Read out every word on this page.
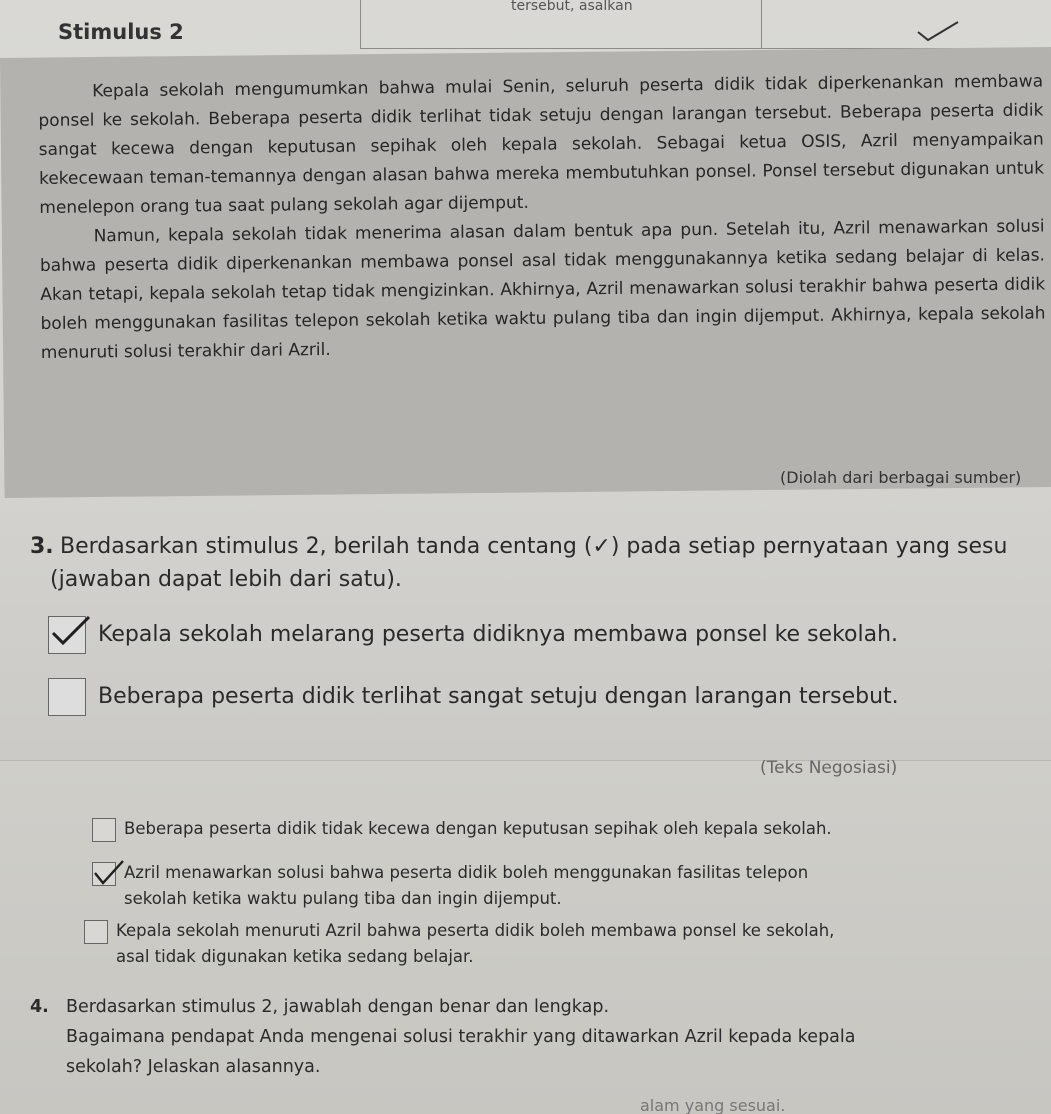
tersebut, asalkan
Stimulus 2

Kepala sekolah mengumumkan bahwa mulai Senin, seluruh peserta didik tidak diperkenankan membawa ponsel ke sekolah. Beberapa peserta didik terlihat tidak setuju dengan larangan tersebut. Beberapa peserta didik sangat kecewa dengan keputusan sepihak oleh kepala sekolah. Sebagai ketua OSIS, Azril menyampaikan kekecewaan teman-temannya dengan alasan bahwa mereka membutuhkan ponsel. Ponsel tersebut digunakan untuk menelepon orang tua saat pulang sekolah agar dijemput.

Namun, kepala sekolah tidak menerima alasan dalam bentuk apa pun. Setelah itu, Azril menawarkan solusi bahwa peserta didik diperkenankan membawa ponsel asal tidak menggunakannya ketika sedang belajar di kelas. Akan tetapi, kepala sekolah tetap tidak mengizinkan. Akhirnya, Azril menawarkan solusi terakhir bahwa peserta didik boleh menggunakan fasilitas telepon sekolah ketika waktu pulang tiba dan ingin dijemput. Akhirnya, kepala sekolah menuruti solusi terakhir dari Azril.

(Diolah dari berbagai sumber)
3. Berdasarkan stimulus 2, berilah tanda centang (✓) pada setiap pernyataan yang sesu
(jawaban dapat lebih dari satu).
Kepala sekolah melarang peserta didiknya membawa ponsel ke sekolah.
Beberapa peserta didik terlihat sangat setuju dengan larangan tersebut.
(Teks Negosiasi)
Beberapa peserta didik tidak kecewa dengan keputusan sepihak oleh kepala sekolah.
Azril menawarkan solusi bahwa peserta didik boleh menggunakan fasilitas telepon
sekolah ketika waktu pulang tiba dan ingin dijemput.
Kepala sekolah menuruti Azril bahwa peserta didik boleh membawa ponsel ke sekolah,
asal tidak digunakan ketika sedang belajar.
4. Berdasarkan stimulus 2, jawablah dengan benar dan lengkap.
Bagaimana pendapat Anda mengenai solusi terakhir yang ditawarkan Azril kepada kepala
sekolah? Jelaskan alasannya.
alam yang sesuai.
